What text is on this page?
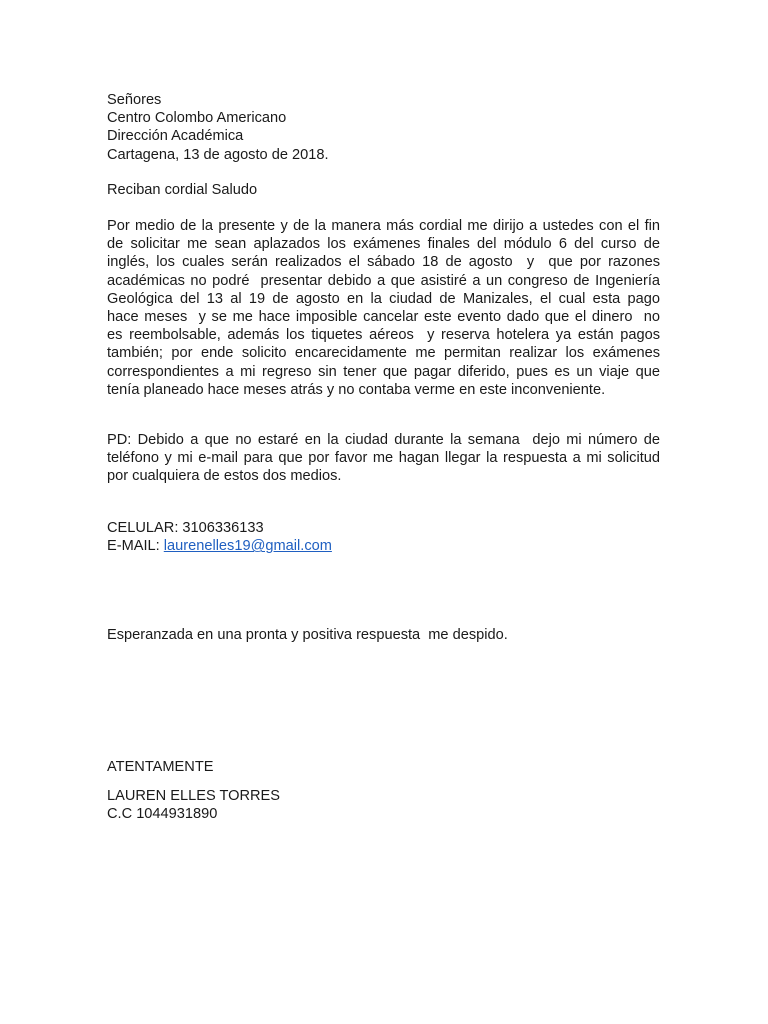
Señores
Centro Colombo Americano
Dirección Académica
Cartagena, 13 de agosto de 2018.
Reciban cordial Saludo
Por medio de la presente y de la manera más cordial me dirijo a ustedes con el fin
de solicitar me sean aplazados los exámenes finales del módulo 6 del curso de
inglés, los cuales serán realizados el sábado 18 de agosto  y  que por razones
académicas no podré  presentar debido a que asistiré a un congreso de Ingeniería
Geológica del 13 al 19 de agosto en la ciudad de Manizales, el cual esta pago
hace meses  y se me hace imposible cancelar este evento dado que el dinero  no
es reembolsable, además los tiquetes aéreos  y reserva hotelera ya están pagos
también; por ende solicito encarecidamente me permitan realizar los exámenes
correspondientes a mi regreso sin tener que pagar diferido, pues es un viaje que
tenía planeado hace meses atrás y no contaba verme en este inconveniente.
PD: Debido a que no estaré en la ciudad durante la semana  dejo mi número de
teléfono y mi e-mail para que por favor me hagan llegar la respuesta a mi solicitud
por cualquiera de estos dos medios.
CELULAR: 3106336133
E-MAIL: laurenelles19@gmail.com
Esperanzada en una pronta y positiva respuesta  me despido.
ATENTAMENTE
LAUREN ELLES TORRES
C.C 1044931890
